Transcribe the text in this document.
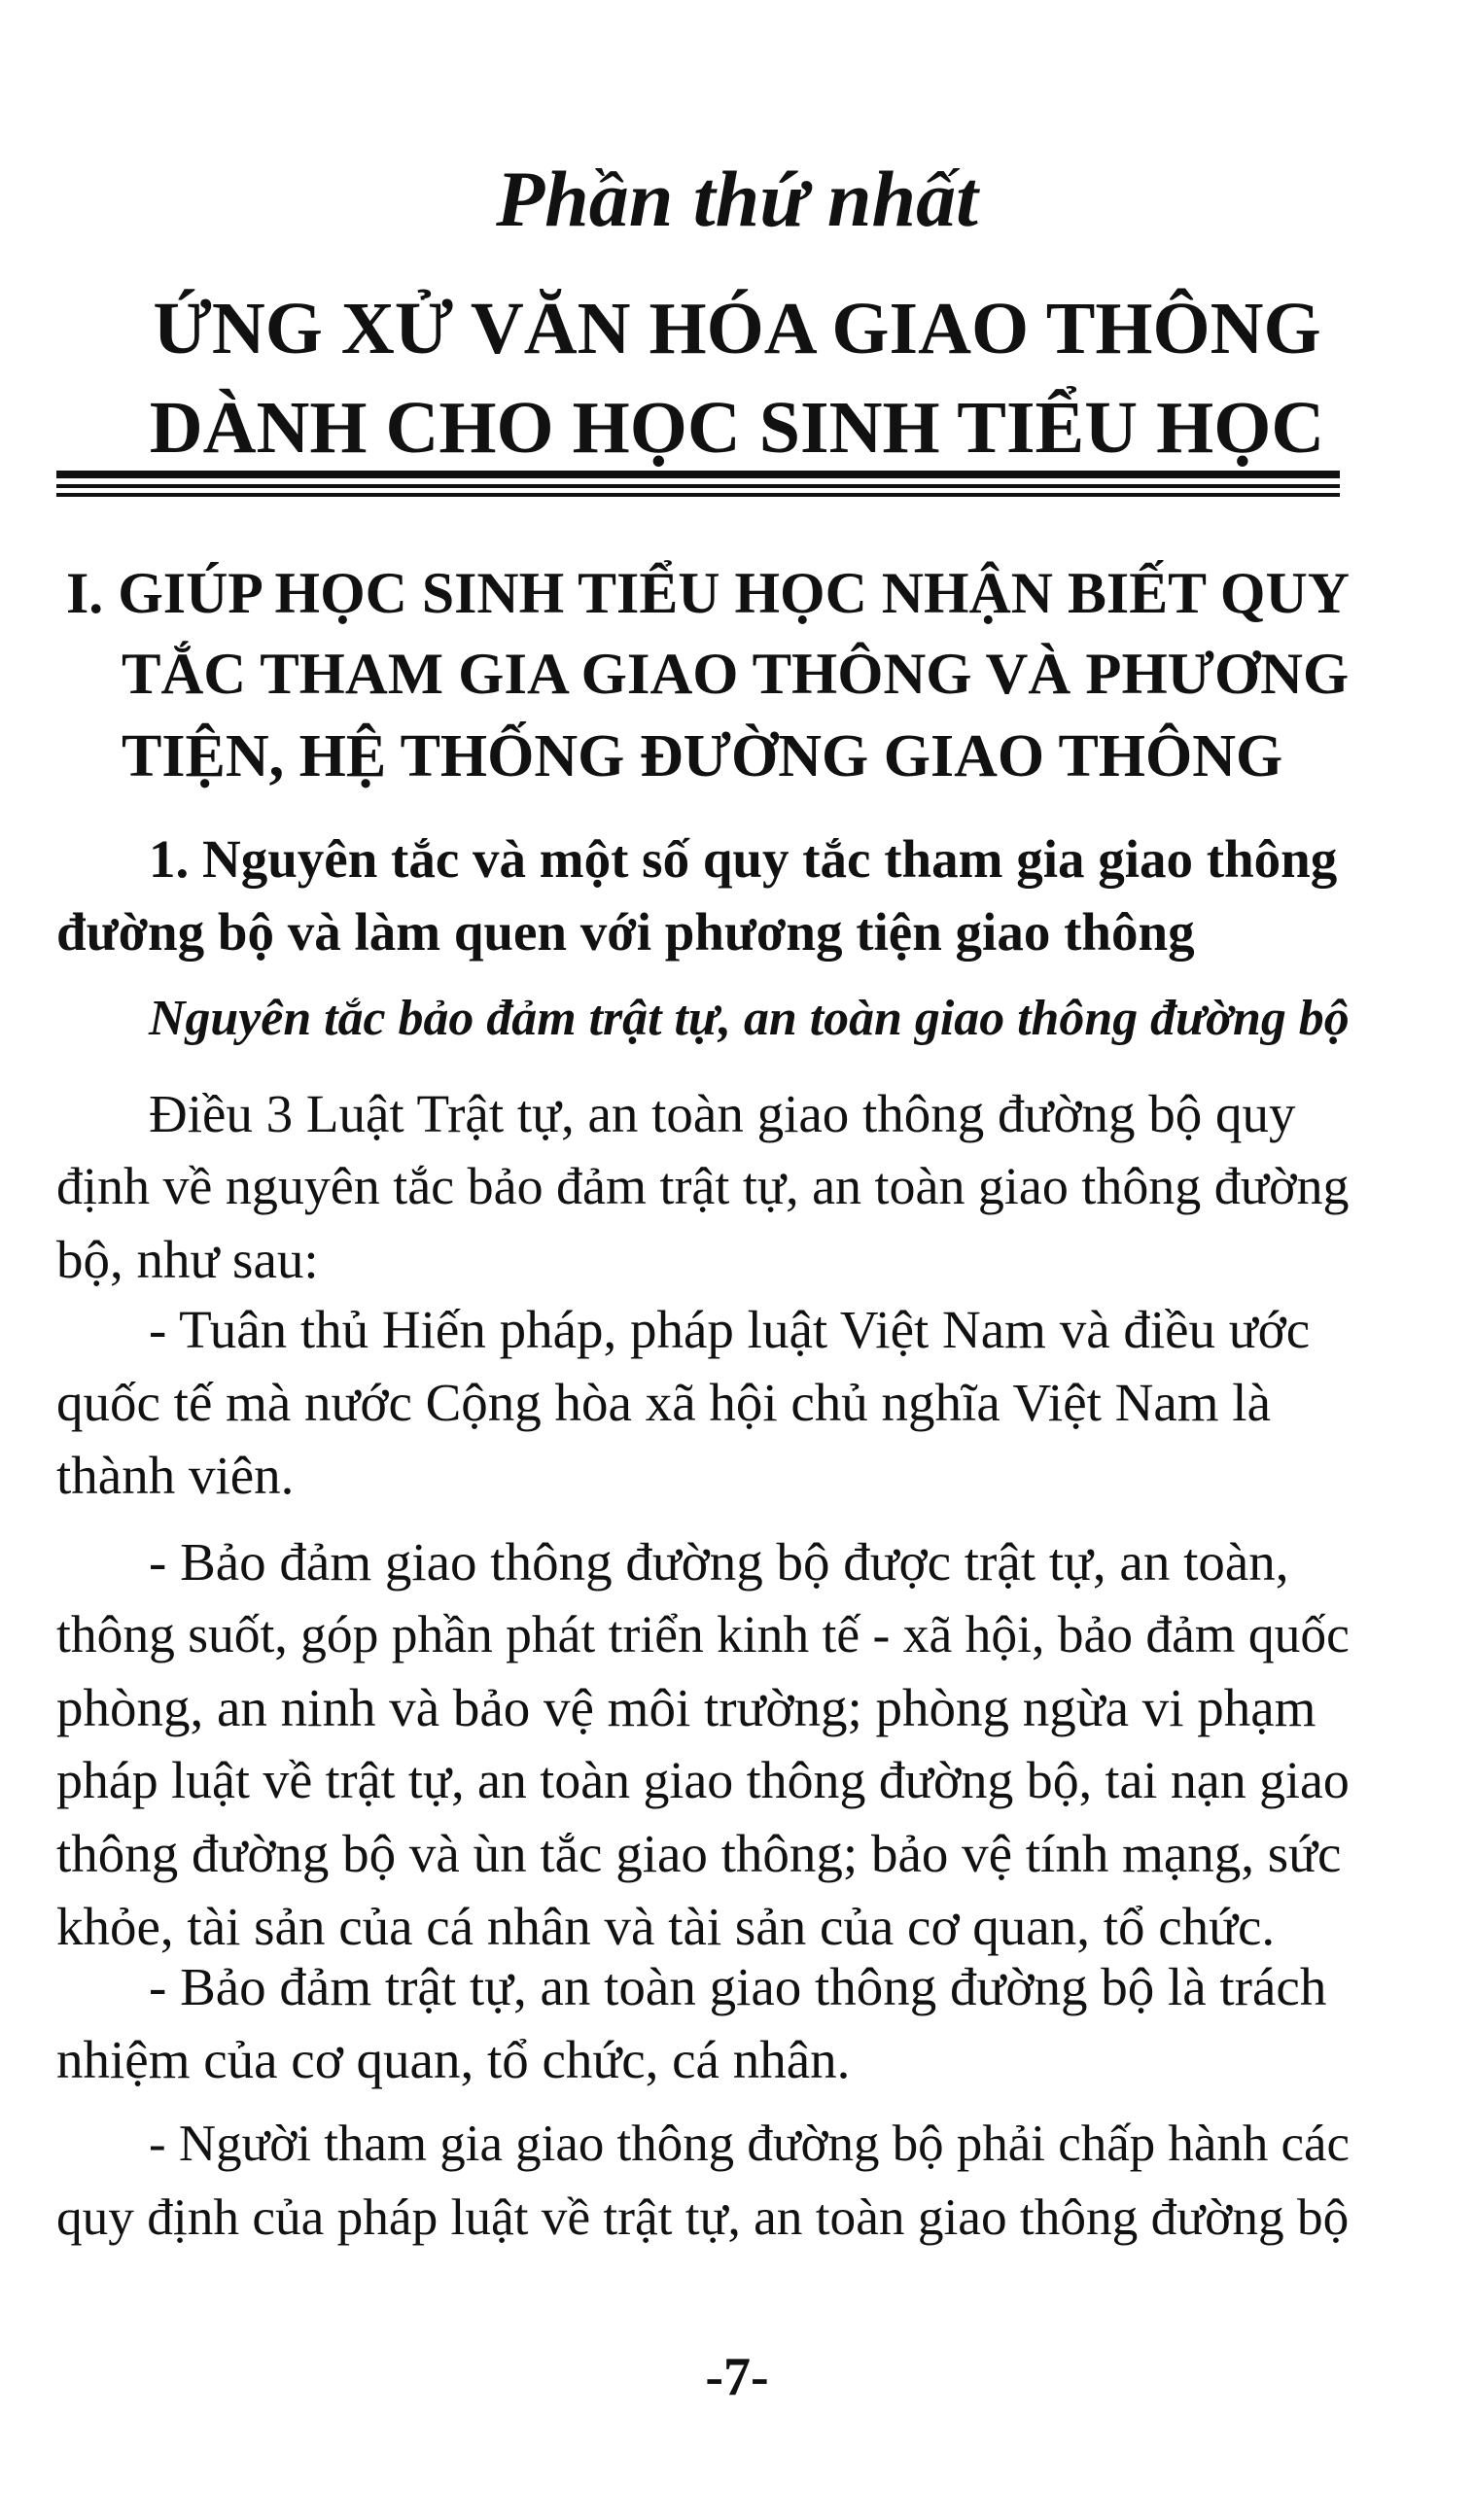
Phần thứ nhất
ỨNG XỬ VĂN HÓA GIAO THÔNG
DÀNH CHO HỌC SINH TIỂU HỌC
I. GIÚP HỌC SINH TIỂU HỌC NHẬN BIẾT QUY
TẮC THAM GIA GIAO THÔNG VÀ PHƯƠNG
TIỆN, HỆ THỐNG ĐƯỜNG GIAO THÔNG
1. Nguyên tắc và một số quy tắc tham gia giao thông
đường bộ và làm quen với phương tiện giao thông
Nguyên tắc bảo đảm trật tự, an toàn giao thông đường bộ
Điều 3 Luật Trật tự, an toàn giao thông đường bộ quy
định về nguyên tắc bảo đảm trật tự, an toàn giao thông đường
bộ, như sau:
- Tuân thủ Hiến pháp, pháp luật Việt Nam và điều ước
quốc tế mà nước Cộng hòa xã hội chủ nghĩa Việt Nam là
thành viên.
- Bảo đảm giao thông đường bộ được trật tự, an toàn,
thông suốt, góp phần phát triển kinh tế - xã hội, bảo đảm quốc
phòng, an ninh và bảo vệ môi trường; phòng ngừa vi phạm
pháp luật về trật tự, an toàn giao thông đường bộ, tai nạn giao
thông đường bộ và ùn tắc giao thông; bảo vệ tính mạng, sức
khỏe, tài sản của cá nhân và tài sản của cơ quan, tổ chức.
- Bảo đảm trật tự, an toàn giao thông đường bộ là trách
nhiệm của cơ quan, tổ chức, cá nhân.
- Người tham gia giao thông đường bộ phải chấp hành các
quy định của pháp luật về trật tự, an toàn giao thông đường bộ
-7-
